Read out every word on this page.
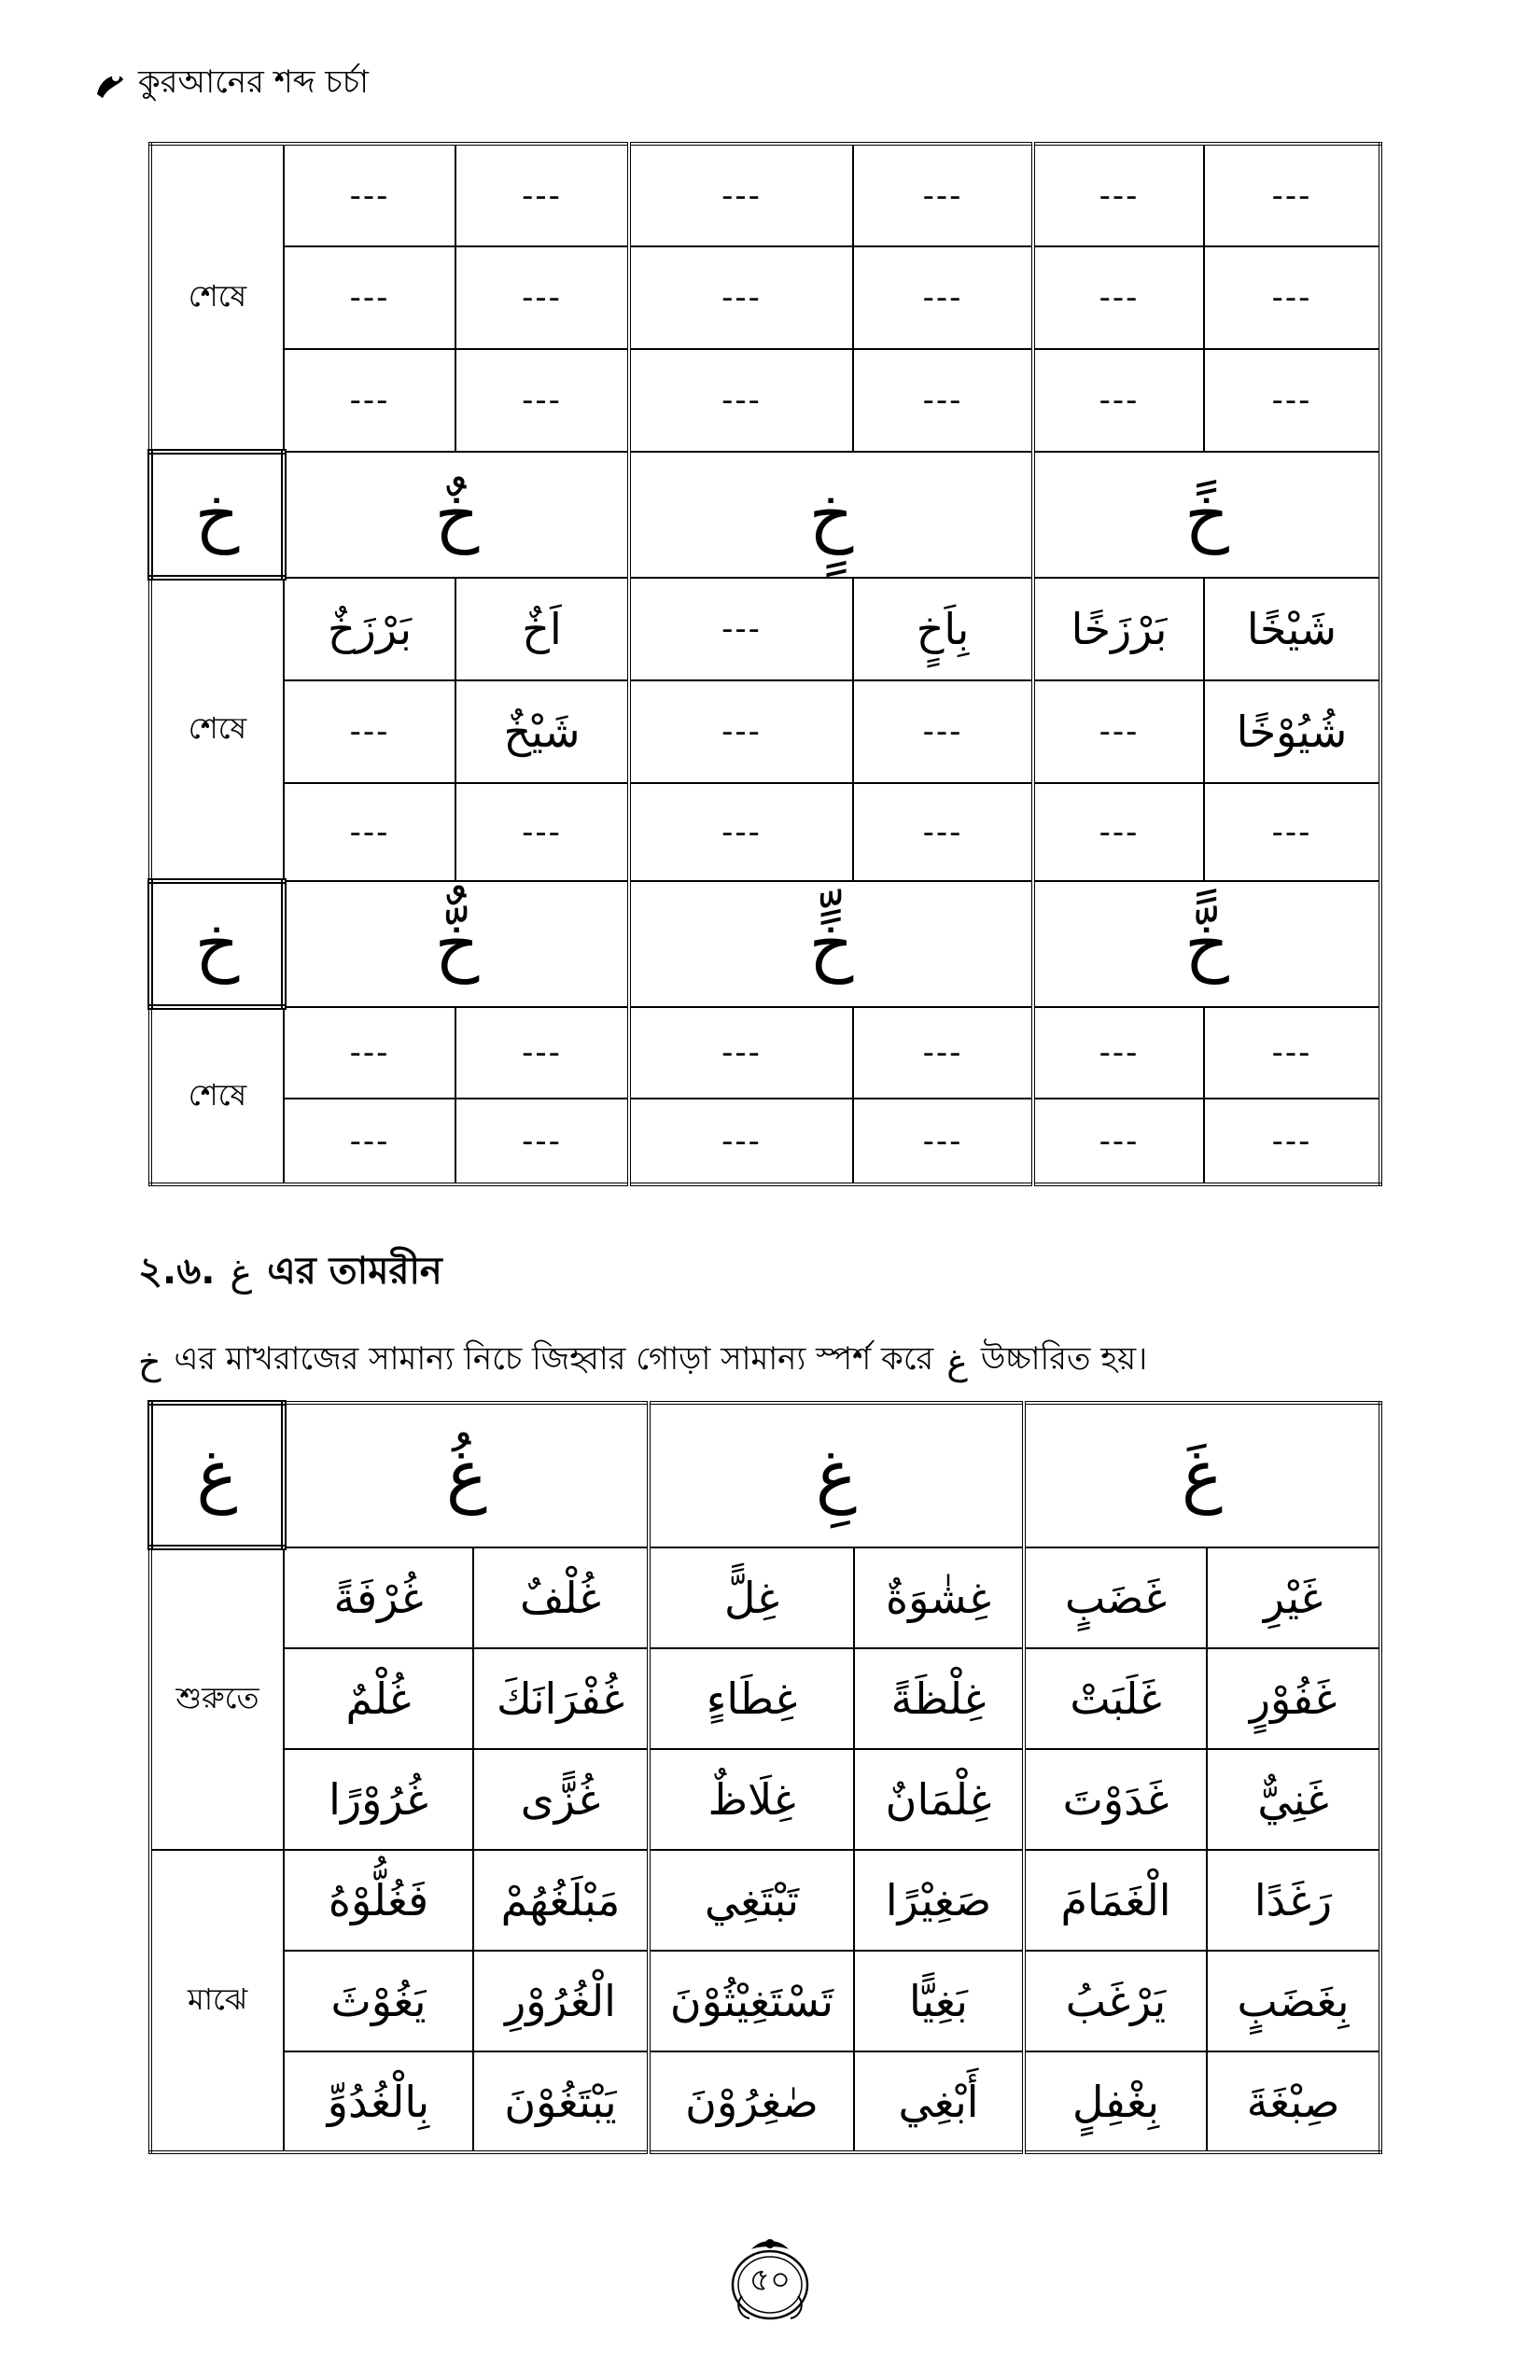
কুরআনের শব্দ চর্চা
শেষে	---	---	---	---	---	---
	---	---	---	---	---	---
	---	---	---	---	---	---
خ	خٌ		خٍ		خً	
শেষে	بَرْزَخٌ	اَخٌ	---	بِاَخٍ	بَرْزَخًا	شَيْخًا
	---	شَيْخٌ	---	---	---	شُيُوْخًا
	---	---	---	---	---	---
خ	خٌّ		خٍّ		خًّ	
শেষে	---	---	---	---	---	---
	---	---	---	---	---	---
২.৬. غ এর তামরীন
خ এর মাখরাজের সামান্য নিচে জিহ্বার গোড়া সামান্য স্পর্শ করে غ উচ্চারিত হয়।
غ	غُ		غِ		غَ	
শুরুতে	غُرْفَةً	غُلْفٌ	غِلًّ	غِشٰوَةٌ	غَضَبٍ	غَيْرِ
	غُلْمٌ	غُفْرَانَكَ	غِطَاءٍ	غِلْظَةً	غَلَبَتْ	غَفُوْرٍ
	غُرُوْرًا	غُزًّى	غِلَاظٌ	غِلْمَانٌ	غَدَوْتَ	غَنِيٌّ
মাঝে	فَغُلُّوْهُ	مَبْلَغُهُمْ	تَبْتَغِي	صَغِيْرًا	الْغَمَامَ	رَغَدًا
	يَغُوْثَ	الْغُرُوْرِ	تَسْتَغِيْثُوْنَ	بَغِيًّا	يَرْغَبُ	بِغَضَبٍ
	بِالْغُدُوِّ	يَبْتَغُوْنَ	صٰغِرُوْنَ	أَبْغِي	بِغْفِلٍ	صِبْغَةَ
৫০
